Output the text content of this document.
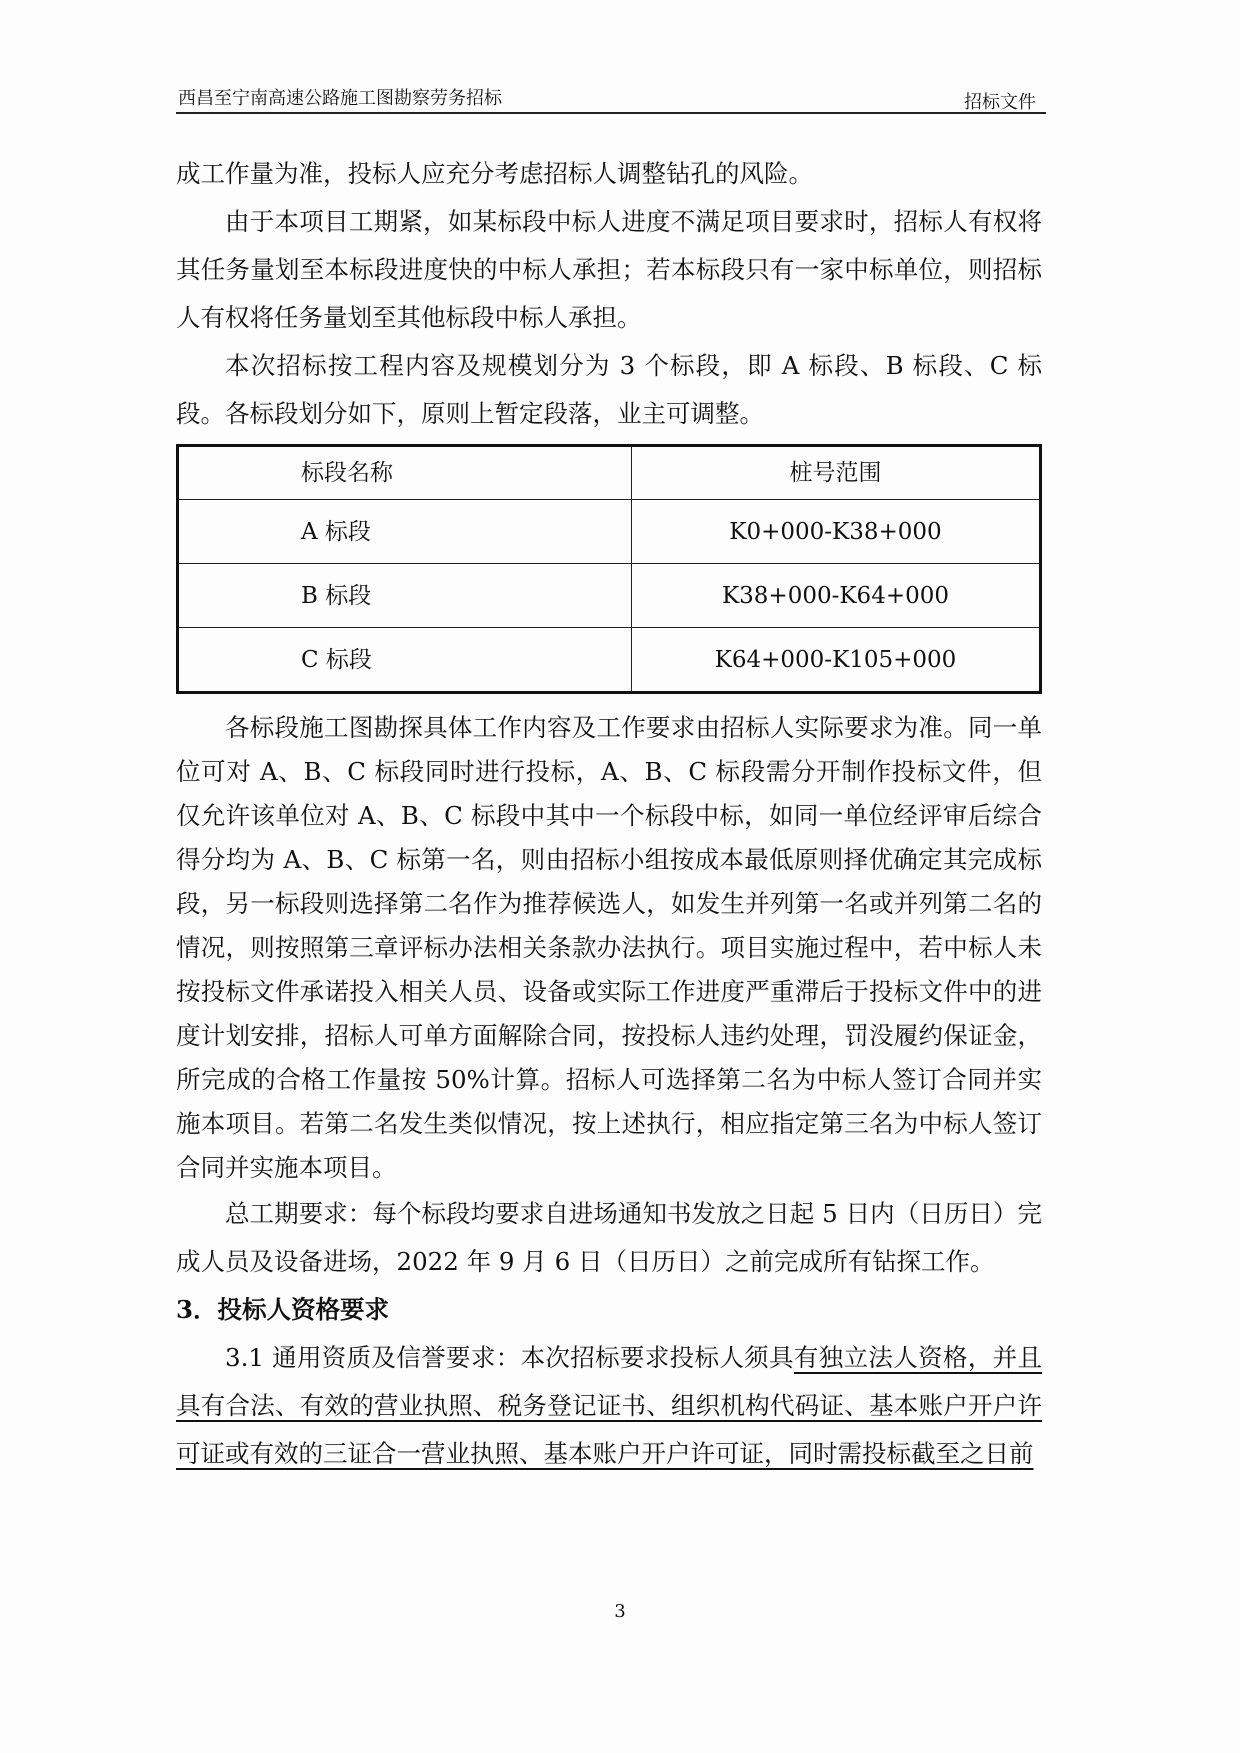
西昌至宁南高速公路施工图勘察劳务招标	招标文件

成工作量为准，投标人应充分考虑招标人调整钻孔的风险。

由于本项目工期紧，如某标段中标人进度不满足项目要求时，招标人有权将其任务量划至本标段进度快的中标人承担；若本标段只有一家中标单位，则招标人有权将任务量划至其他标段中标人承担。

本次招标按工程内容及规模划分为 3 个标段，即 A 标段、B 标段、C 标段。各标段划分如下，原则上暂定段落，业主可调整。

标段名称	桩号范围
A 标段	K0+000-K38+000
B 标段	K38+000-K64+000
C 标段	K64+000-K105+000

各标段施工图勘探具体工作内容及工作要求由招标人实际要求为准。同一单位可对 A、B、C 标段同时进行投标，A、B、C 标段需分开制作投标文件，但仅允许该单位对 A、B、C 标段中其中一个标段中标，如同一单位经评审后综合得分均为 A、B、C 标第一名，则由招标小组按成本最低原则择优确定其完成标段，另一标段则选择第二名作为推荐候选人，如发生并列第一名或并列第二名的情况，则按照第三章评标办法相关条款办法执行。项目实施过程中，若中标人未按投标文件承诺投入相关人员、设备或实际工作进度严重滞后于投标文件中的进度计划安排，招标人可单方面解除合同，按投标人违约处理，罚没履约保证金，所完成的合格工作量按 50%计算。招标人可选择第二名为中标人签订合同并实施本项目。若第二名发生类似情况，按上述执行，相应指定第三名为中标人签订合同并实施本项目。

总工期要求：每个标段均要求自进场通知书发放之日起 5 日内（日历日）完成人员及设备进场，2022 年 9 月 6 日（日历日）之前完成所有钻探工作。

3．投标人资格要求

3.1 通用资质及信誉要求：本次招标要求投标人须具有独立法人资格，并且具有合法、有效的营业执照、税务登记证书、组织机构代码证、基本账户开户许可证或有效的三证合一营业执照、基本账户开户许可证，同时需投标截至之日前

3
